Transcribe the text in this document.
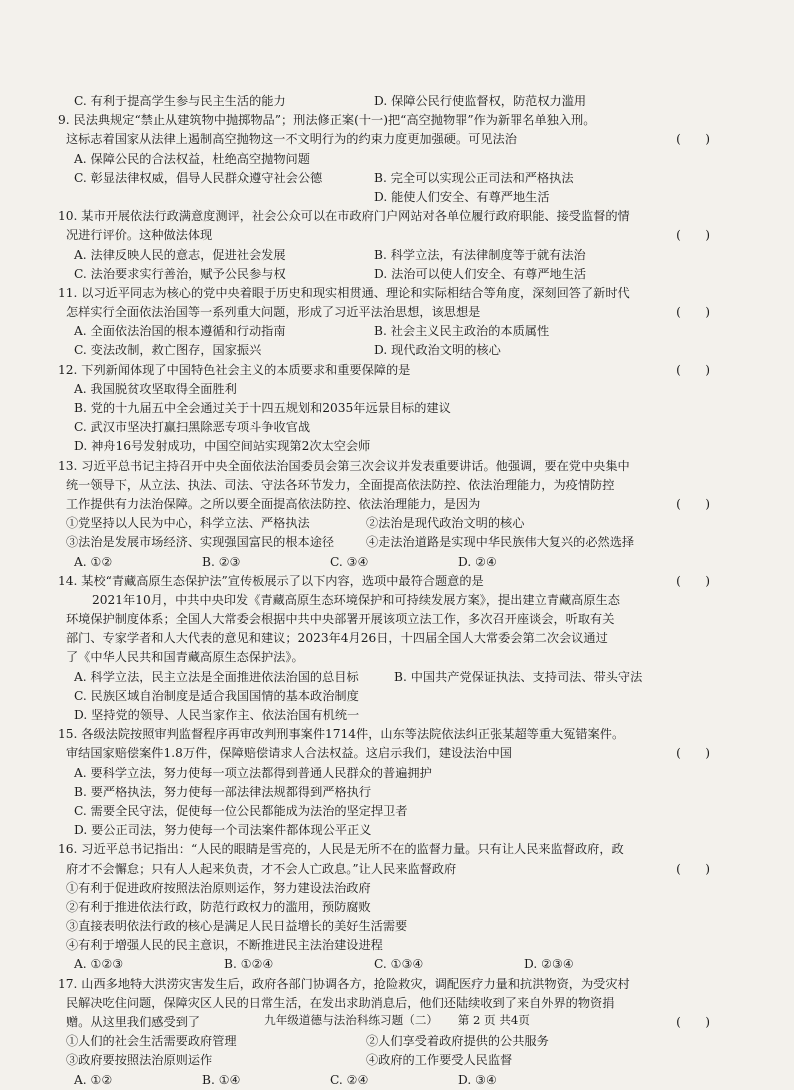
C. 有利于提高学生参与民主生活的能力	D. 保障公民行使监督权，防范权力滥用
9. 民法典规定“禁止从建筑物中抛掷物品”；刑法修正案(十一)把“高空抛物罪”作为新罪名单独入刑。
这标志着国家从法律上遏制高空抛物这一不文明行为的约束力度更加强硬。可见法治	(　　)
A. 保障公民的合法权益，杜绝高空抛物问题
C. 彰显法律权威，倡导人民群众遵守社会公德	B. 完全可以实现公正司法和严格执法
D. 能使人们安全、有尊严地生活
10. 某市开展依法行政满意度测评，社会公众可以在市政府门户网站对各单位履行政府职能、接受监督的情
况进行评价。这种做法体现	(　　)
A. 法律反映人民的意志，促进社会发展	B. 科学立法，有法律制度等于就有法治
C. 法治要求实行善治，赋予公民参与权	D. 法治可以使人们安全、有尊严地生活
11. 以习近平同志为核心的党中央着眼于历史和现实相贯通、理论和实际相结合等角度，深刻回答了新时代
怎样实行全面依法治国等一系列重大问题，形成了习近平法治思想，该思想是	(　　)
A. 全面依法治国的根本遵循和行动指南	B. 社会主义民主政治的本质属性
C. 变法改制，救亡图存，国家振兴	D. 现代政治文明的核心
12. 下列新闻体现了中国特色社会主义的本质要求和重要保障的是	(　　)
A. 我国脱贫攻坚取得全面胜利
B. 党的十九届五中全会通过关于十四五规划和2035年远景目标的建议
C. 武汉市坚决打赢扫黑除恶专项斗争收官战
D. 神舟16号发射成功，中国空间站实现第2次太空会师
13. 习近平总书记主持召开中央全面依法治国委员会第三次会议并发表重要讲话。他强调，要在党中央集中
统一领导下，从立法、执法、司法、守法各环节发力，全面提高依法防控、依法治理能力，为疫情防控
工作提供有力法治保障。之所以要全面提高依法防控、依法治理能力，是因为	(　　)
①党坚持以人民为中心，科学立法、严格执法	②法治是现代政治文明的核心
③法治是发展市场经济、实现强国富民的根本途径	④走法治道路是实现中华民族伟大复兴的必然选择
A. ①②	B. ②③	C. ③④	D. ②④
14. 某校“青藏高原生态保护法”宣传板展示了以下内容，选项中最符合题意的是	(　　)
2021年10月，中共中央印发《青藏高原生态环境保护和可持续发展方案》，提出建立青藏高原生态
环境保护制度体系；全国人大常委会根据中共中央部署开展该项立法工作，多次召开座谈会，听取有关
部门、专家学者和人大代表的意见和建议；2023年4月26日，十四届全国人大常委会第二次会议通过
了《中华人民共和国青藏高原生态保护法》。
A. 科学立法，民主立法是全面推进依法治国的总目标	B. 中国共产党保证执法、支持司法、带头守法
C. 民族区域自治制度是适合我国国情的基本政治制度
D. 坚持党的领导、人民当家作主、依法治国有机统一
15. 各级法院按照审判监督程序再审改判刑事案件1714件，山东等法院依法纠正张某超等重大冤错案件。
审结国家赔偿案件1.8万件，保障赔偿请求人合法权益。这启示我们，建设法治中国	(　　)
A. 要科学立法，努力使每一项立法都得到普通人民群众的普遍拥护
B. 要严格执法，努力使每一部法律法规都得到严格执行
C. 需要全民守法，促使每一位公民都能成为法治的坚定捍卫者
D. 要公正司法，努力使每一个司法案件都体现公平正义
16. 习近平总书记指出：“人民的眼睛是雪亮的，人民是无所不在的监督力量。只有让人民来监督政府，政
府才不会懈怠；只有人人起来负责，才不会人亡政息。”让人民来监督政府	(　　)
①有利于促进政府按照法治原则运作，努力建设法治政府
②有利于推进依法行政，防范行政权力的滥用，预防腐败
③直接表明依法行政的核心是满足人民日益增长的美好生活需要
④有利于增强人民的民主意识，不断推进民主法治建设进程
A. ①②③	B. ①②④	C. ①③④	D. ②③④
17. 山西多地特大洪涝灾害发生后，政府各部门协调各方，抢险救灾，调配医疗力量和抗洪物资，为受灾村
民解决吃住问题，保障灾区人民的日常生活，在发出求助消息后，他们还陆续收到了来自外界的物资捐
赠。从这里我们感受到了	(　　)
①人们的社会生活需要政府管理	②人们享受着政府提供的公共服务
③政府要按照法治原则运作	④政府的工作要受人民监督
A. ①②	B. ①④	C. ②④	D. ③④
九年级道德与法治科练习题（二） 第 2 页 共4页
